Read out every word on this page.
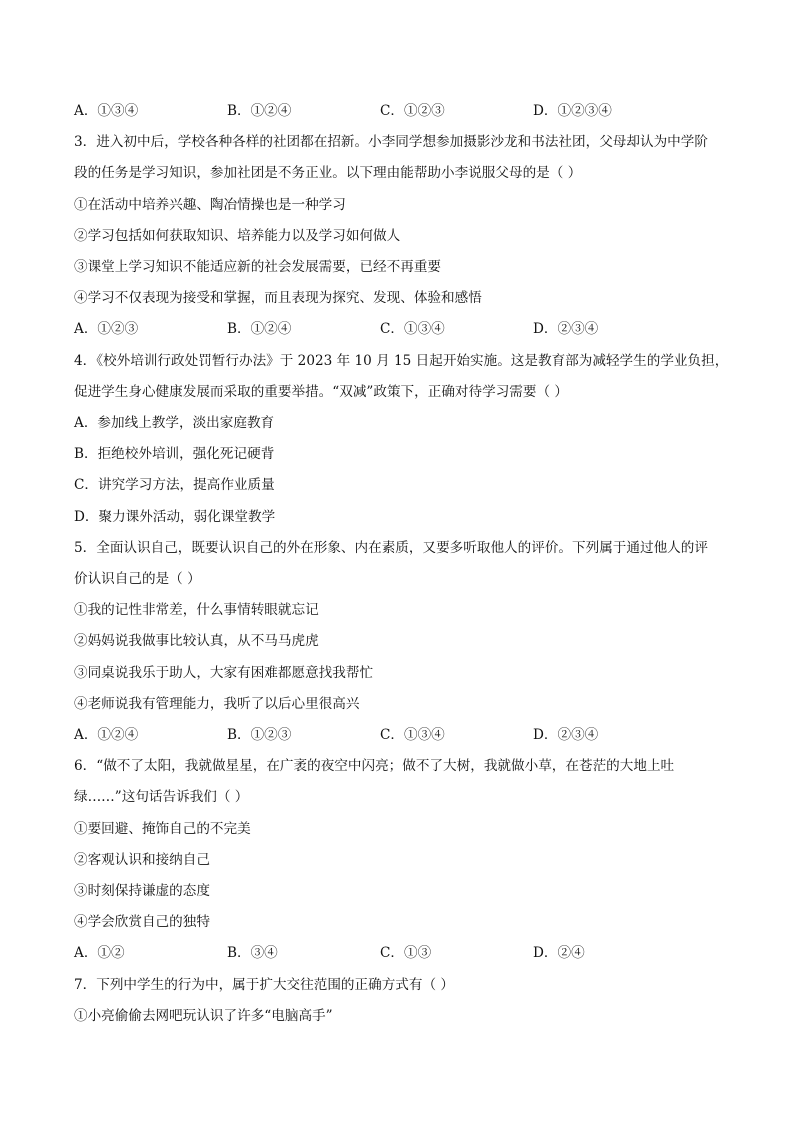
A．①③④	B．①②④	C．①②③	D．①②③④
3．进入初中后，学校各种各样的社团都在招新。小李同学想参加摄影沙龙和书法社团，父母却认为中学阶
段的任务是学习知识，参加社团是不务正业。以下理由能帮助小李说服父母的是（ ）
①在活动中培养兴趣、陶冶情操也是一种学习
②学习包括如何获取知识、培养能力以及学习如何做人
③课堂上学习知识不能适应新的社会发展需要，已经不再重要
④学习不仅表现为接受和掌握，而且表现为探究、发现、体验和感悟
A．①②③	B．①②④	C．①③④	D．②③④
4．《校外培训行政处罚暂行办法》于 2023 年 10 月 15 日起开始实施。这是教育部为减轻学生的学业负担，
促进学生身心健康发展而采取的重要举措。“双减”政策下，正确对待学习需要（ ）
A．参加线上教学，淡出家庭教育
B．拒绝校外培训，强化死记硬背
C．讲究学习方法，提高作业质量
D．聚力课外活动，弱化课堂教学
5．全面认识自己，既要认识自己的外在形象、内在素质，又要多听取他人的评价。下列属于通过他人的评
价认识自己的是（ ）
①我的记性非常差，什么事情转眼就忘记
②妈妈说我做事比较认真，从不马马虎虎
③同桌说我乐于助人，大家有困难都愿意找我帮忙
④老师说我有管理能力，我听了以后心里很高兴
A．①②④	B．①②③	C．①③④	D．②③④
6．“做不了太阳，我就做星星，在广袤的夜空中闪亮；做不了大树，我就做小草，在苍茫的大地上吐
绿……”这句话告诉我们（ ）
①要回避、掩饰自己的不完美
②客观认识和接纳自己
③时刻保持谦虚的态度
④学会欣赏自己的独特
A．①②	B．③④	C．①③	D．②④
7．下列中学生的行为中，属于扩大交往范围的正确方式有（ ）
①小亮偷偷去网吧玩认识了许多“电脑高手”
